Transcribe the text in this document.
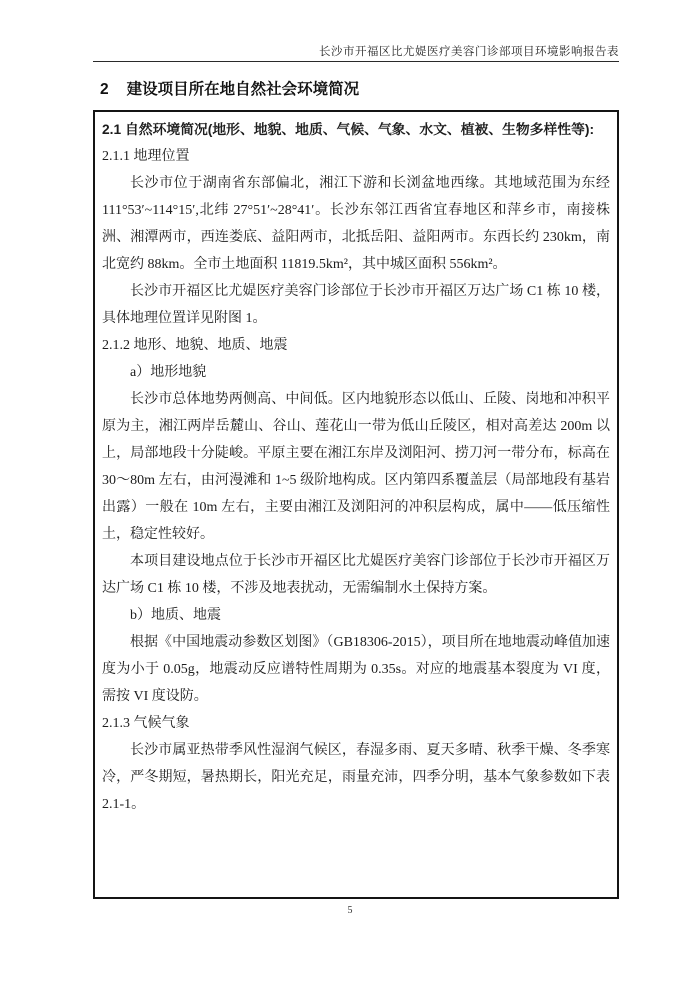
长沙市开福区比尤媞医疗美容门诊部项目环境影响报告表
2 建设项目所在地自然社会环境简况

2.1 自然环境简况(地形、地貌、地质、气候、气象、水文、植被、生物多样性等):

2.1.1 地理位置

长沙市位于湖南省东部偏北，湘江下游和长浏盆地西缘。其地域范围为东经111°53′~114°15′,北纬 27°51′~28°41′。长沙东邻江西省宜春地区和萍乡市，南接株洲、湘潭两市，西连娄底、益阳两市，北抵岳阳、益阳两市。东西长约 230km，南北宽约 88km。全市土地面积 11819.5km²，其中城区面积 556km²。

长沙市开福区比尤媞医疗美容门诊部位于长沙市开福区万达广场 C1 栋 10 楼，具体地理位置详见附图 1。

2.1.2 地形、地貌、地质、地震

a）地形地貌

长沙市总体地势两侧高、中间低。区内地貌形态以低山、丘陵、岗地和冲积平原为主，湘江两岸岳麓山、谷山、莲花山一带为低山丘陵区，相对高差达 200m 以上，局部地段十分陡峻。平原主要在湘江东岸及浏阳河、捞刀河一带分布，标高在 30～80m 左右，由河漫滩和 1~5 级阶地构成。区内第四系覆盖层（局部地段有基岩出露）一般在 10m 左右，主要由湘江及浏阳河的冲积层构成，属中——低压缩性土，稳定性较好。

本项目建设地点位于长沙市开福区比尤媞医疗美容门诊部位于长沙市开福区万达广场 C1 栋 10 楼，不涉及地表扰动，无需编制水土保持方案。

b）地质、地震

根据《中国地震动参数区划图》（GB18306-2015），项目所在地地震动峰值加速度为小于 0.05g，地震动反应谱特性周期为 0.35s。对应的地震基本裂度为 VI 度，需按 VI 度设防。

2.1.3 气候气象

长沙市属亚热带季风性湿润气候区，春湿多雨、夏天多晴、秋季干燥、冬季寒冷，严冬期短，暑热期长，阳光充足，雨量充沛，四季分明，基本气象参数如下表2.1-1。

5
